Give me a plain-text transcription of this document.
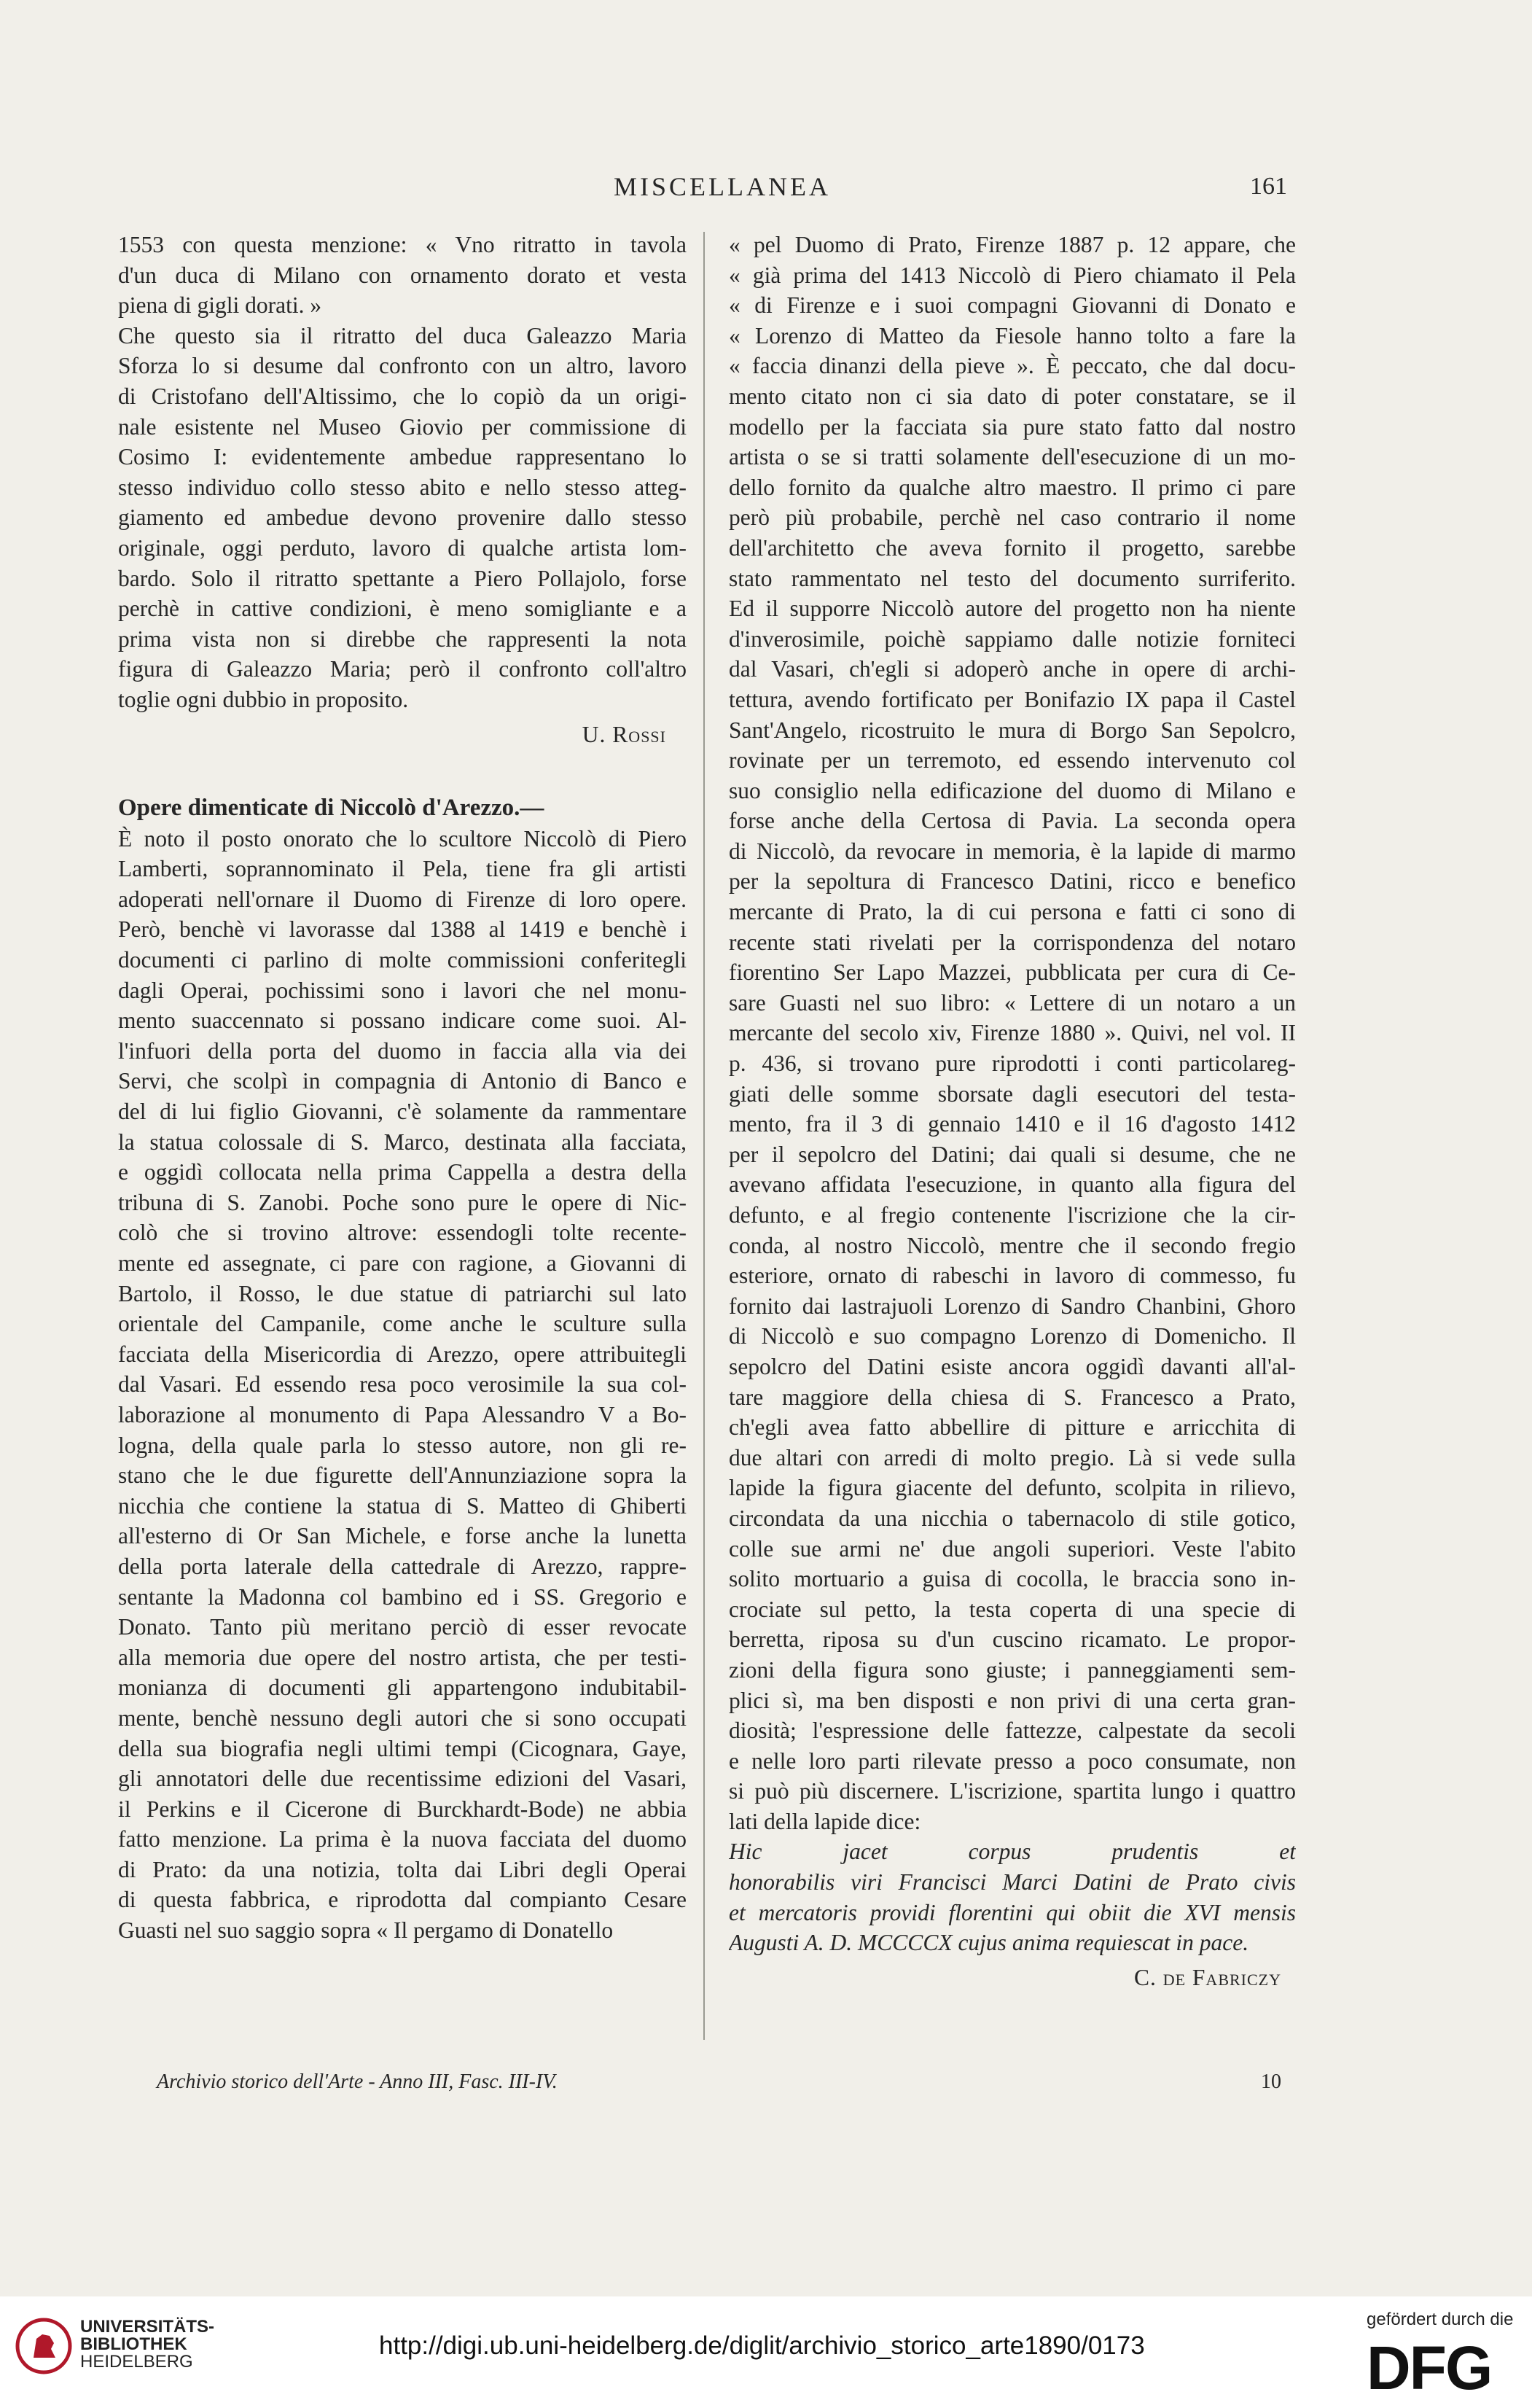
MISCELLANEA	161
1553 con questa menzione: « Vno ritratto in tavola
d'un duca di Milano con ornamento dorato et vesta
piena di gigli dorati. »
Che questo sia il ritratto del duca Galeazzo Maria
Sforza lo si desume dal confronto con un altro, lavoro
di Cristofano dell'Altissimo, che lo copiò da un origi-
nale esistente nel Museo Giovio per commissione di
Cosimo I: evidentemente ambedue rappresentano lo
stesso individuo collo stesso abito e nello stesso atteg-
giamento ed ambedue devono provenire dallo stesso
originale, oggi perduto, lavoro di qualche artista lom-
bardo. Solo il ritratto spettante a Piero Pollajolo, forse
perchè in cattive condizioni, è meno somigliante e a
prima vista non si direbbe che rappresenti la nota
figura di Galeazzo Maria; però il confronto coll'altro
toglie ogni dubbio in proposito.
U. Rossi
Opere dimenticate di Niccolò d'Arezzo.—
È noto il posto onorato che lo scultore Niccolò di Piero
Lamberti, soprannominato il Pela, tiene fra gli artisti
adoperati nell'ornare il Duomo di Firenze di loro opere.
Però, benchè vi lavorasse dal 1388 al 1419 e benchè i
documenti ci parlino di molte commissioni conferitegli
dagli Operai, pochissimi sono i lavori che nel monu-
mento suaccennato si possano indicare come suoi. Al-
l'infuori della porta del duomo in faccia alla via dei
Servi, che scolpì in compagnia di Antonio di Banco e
del di lui figlio Giovanni, c'è solamente da rammentare
la statua colossale di S. Marco, destinata alla facciata,
e oggidì collocata nella prima Cappella a destra della
tribuna di S. Zanobi. Poche sono pure le opere di Nic-
colò che si trovino altrove: essendogli tolte recente-
mente ed assegnate, ci pare con ragione, a Giovanni di
Bartolo, il Rosso, le due statue di patriarchi sul lato
orientale del Campanile, come anche le sculture sulla
facciata della Misericordia di Arezzo, opere attribuitegli
dal Vasari. Ed essendo resa poco verosimile la sua col-
laborazione al monumento di Papa Alessandro V a Bo-
logna, della quale parla lo stesso autore, non gli re-
stano che le due figurette dell'Annunziazione sopra la
nicchia che contiene la statua di S. Matteo di Ghiberti
all'esterno di Or San Michele, e forse anche la lunetta
della porta laterale della cattedrale di Arezzo, rappre-
sentante la Madonna col bambino ed i SS. Gregorio e
Donato. Tanto più meritano perciò di esser revocate
alla memoria due opere del nostro artista, che per testi-
monianza di documenti gli appartengono indubitabil-
mente, benchè nessuno degli autori che si sono occupati
della sua biografia negli ultimi tempi (Cicognara, Gaye,
gli annotatori delle due recentissime edizioni del Vasari,
il Perkins e il Cicerone di Burckhardt-Bode) ne abbia
fatto menzione. La prima è la nuova facciata del duomo
di Prato: da una notizia, tolta dai Libri degli Operai
di questa fabbrica, e riprodotta dal compianto Cesare
Guasti nel suo saggio sopra « Il pergamo di Donatello
« pel Duomo di Prato, Firenze 1887 p. 12 appare, che
« già prima del 1413 Niccolò di Piero chiamato il Pela
« di Firenze e i suoi compagni Giovanni di Donato e
« Lorenzo di Matteo da Fiesole hanno tolto a fare la
« faccia dinanzi della pieve ». È peccato, che dal docu-
mento citato non ci sia dato di poter constatare, se il
modello per la facciata sia pure stato fatto dal nostro
artista o se si tratti solamente dell'esecuzione di un mo-
dello fornito da qualche altro maestro. Il primo ci pare
però più probabile, perchè nel caso contrario il nome
dell'architetto che aveva fornito il progetto, sarebbe
stato rammentato nel testo del documento surriferito.
Ed il supporre Niccolò autore del progetto non ha niente
d'inverosimile, poichè sappiamo dalle notizie forniteci
dal Vasari, ch'egli si adoperò anche in opere di archi-
tettura, avendo fortificato per Bonifazio IX papa il Castel
Sant'Angelo, ricostruito le mura di Borgo San Sepolcro,
rovinate per un terremoto, ed essendo intervenuto col
suo consiglio nella edificazione del duomo di Milano e
forse anche della Certosa di Pavia. La seconda opera
di Niccolò, da revocare in memoria, è la lapide di marmo
per la sepoltura di Francesco Datini, ricco e benefico
mercante di Prato, la di cui persona e fatti ci sono di
recente stati rivelati per la corrispondenza del notaro
fiorentino Ser Lapo Mazzei, pubblicata per cura di Ce-
sare Guasti nel suo libro: « Lettere di un notaro a un
mercante del secolo xiv, Firenze 1880 ». Quivi, nel vol. II
p. 436, si trovano pure riprodotti i conti particolareg-
giati delle somme sborsate dagli esecutori del testa-
mento, fra il 3 di gennaio 1410 e il 16 d'agosto 1412
per il sepolcro del Datini; dai quali si desume, che ne
avevano affidata l'esecuzione, in quanto alla figura del
defunto, e al fregio contenente l'iscrizione che la cir-
conda, al nostro Niccolò, mentre che il secondo fregio
esteriore, ornato di rabeschi in lavoro di commesso, fu
fornito dai lastrajuoli Lorenzo di Sandro Chanbini, Ghoro
di Niccolò e suo compagno Lorenzo di Domenicho. Il
sepolcro del Datini esiste ancora oggidì davanti all'al-
tare maggiore della chiesa di S. Francesco a Prato,
ch'egli avea fatto abbellire di pitture e arricchita di
due altari con arredi di molto pregio. Là si vede sulla
lapide la figura giacente del defunto, scolpita in rilievo,
circondata da una nicchia o tabernacolo di stile gotico,
colle sue armi ne' due angoli superiori. Veste l'abito
solito mortuario a guisa di cocolla, le braccia sono in-
crociate sul petto, la testa coperta di una specie di
berretta, riposa su d'un cuscino ricamato. Le propor-
zioni della figura sono giuste; i panneggiamenti sem-
plici sì, ma ben disposti e non privi di una certa gran-
diosità; l'espressione delle fattezze, calpestate da secoli
e nelle loro parti rilevate presso a poco consumate, non
si può più discernere. L'iscrizione, spartita lungo i quattro
lati della lapide dice:
Hic jacet corpus prudentis et
honorabilis viri Francisci Marci Datini de Prato civis
et mercatoris providi florentini qui obiit die XVI mensis
Augusti A. D. MCCCCX cujus anima requiescat in pace.
C. de Fabriczy
Archivio storico dell'Arte - Anno III, Fasc. III-IV.	10
UNIVERSITÄTS-
BIBLIOTHEK
HEIDELBERG
http://digi.ub.uni-heidelberg.de/diglit/archivio_storico_arte1890/0173
gefördert durch die
DFG
